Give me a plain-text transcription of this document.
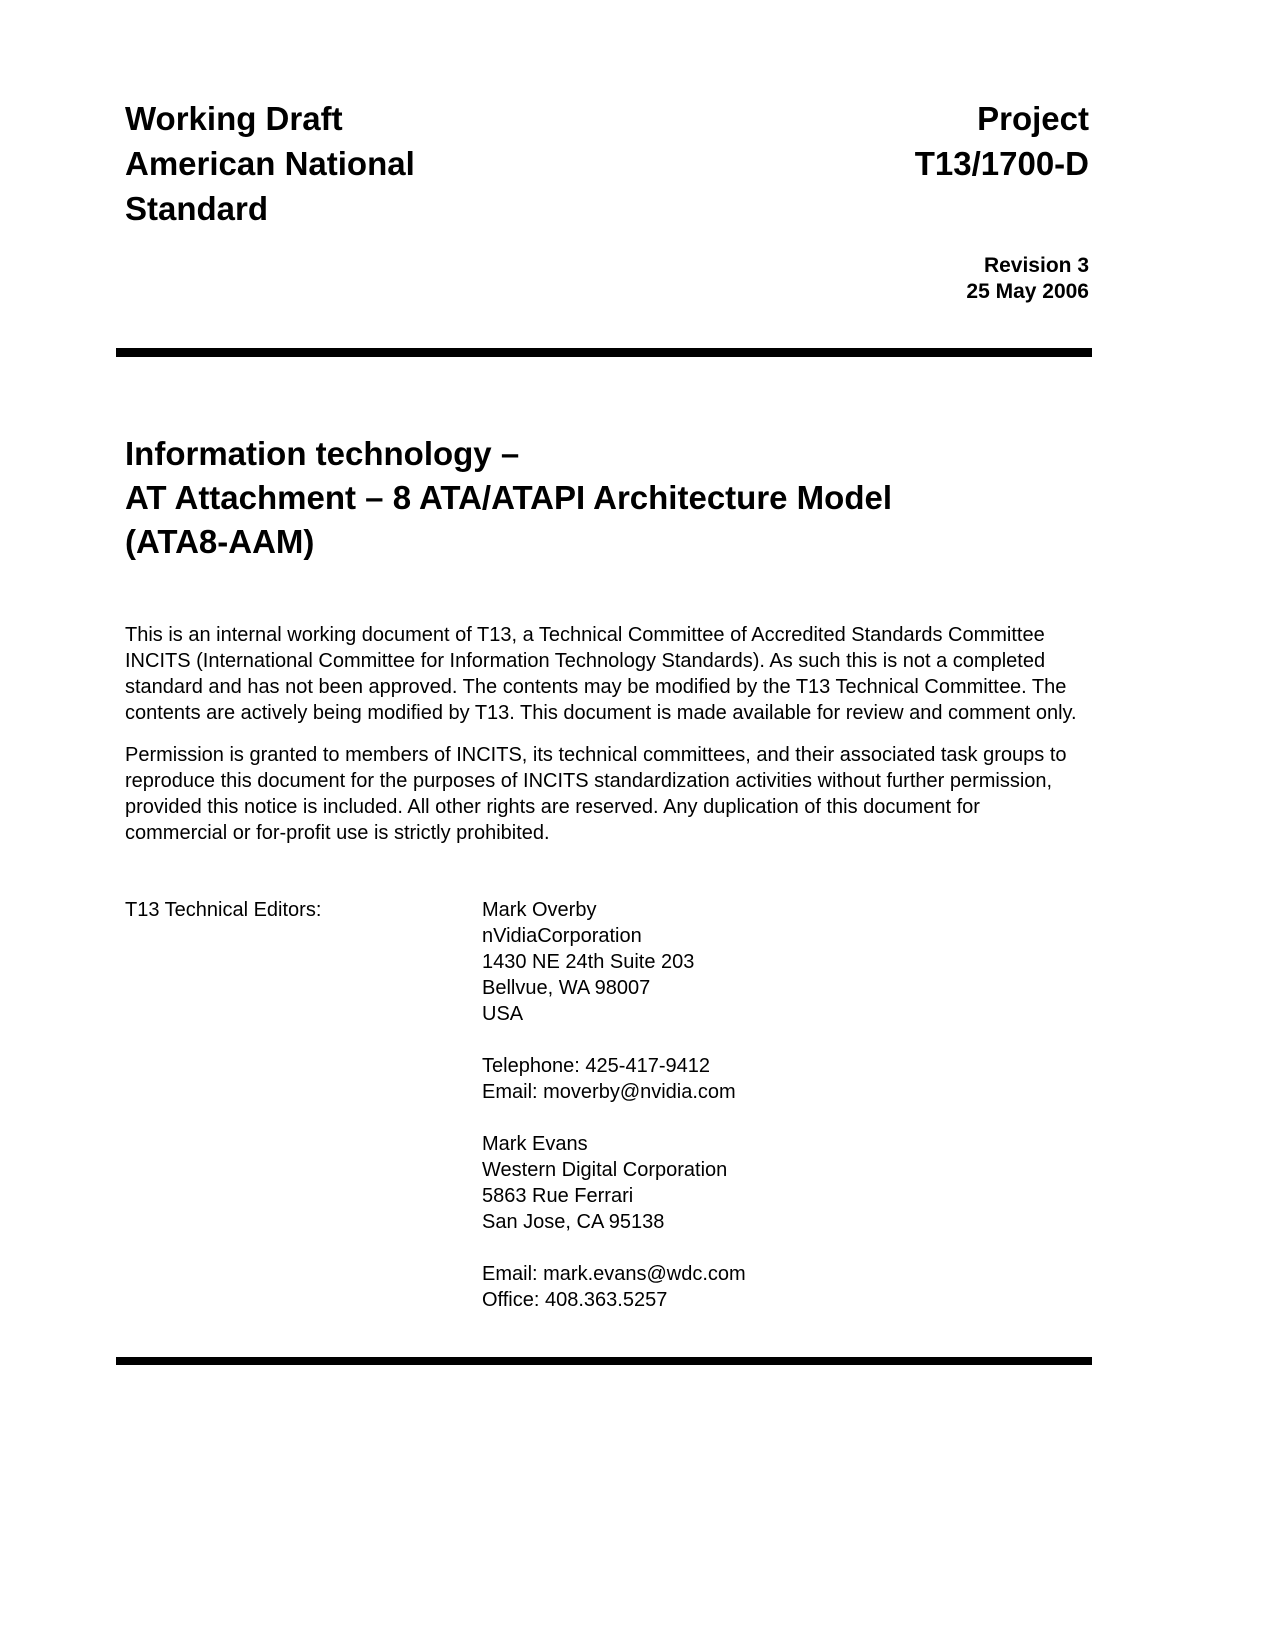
Working Draft
American National
Standard
Project
T13/1700-D
Revision 3
25 May 2006
Information technology –
AT Attachment – 8 ATA/ATAPI Architecture Model
(ATA8-AAM)

This is an internal working document of T13, a Technical Committee of Accredited Standards Committee INCITS (International Committee for Information Technology Standards). As such this is not a completed standard and has not been approved. The contents may be modified by the T13 Technical Committee. The contents are actively being modified by T13. This document is made available for review and comment only.

Permission is granted to members of INCITS, its technical committees, and their associated task groups to reproduce this document for the purposes of INCITS standardization activities without further permission, provided this notice is included. All other rights are reserved. Any duplication of this document for commercial or for-profit use is strictly prohibited.

T13 Technical Editors:	Mark Overby
nVidiaCorporation
1430 NE 24th Suite 203
Bellvue, WA 98007
USA
Telephone: 425-417-9412
Email: moverby@nvidia.com
Mark Evans
Western Digital Corporation
5863 Rue Ferrari
San Jose, CA 95138
Email: mark.evans@wdc.com
Office: 408.363.5257
